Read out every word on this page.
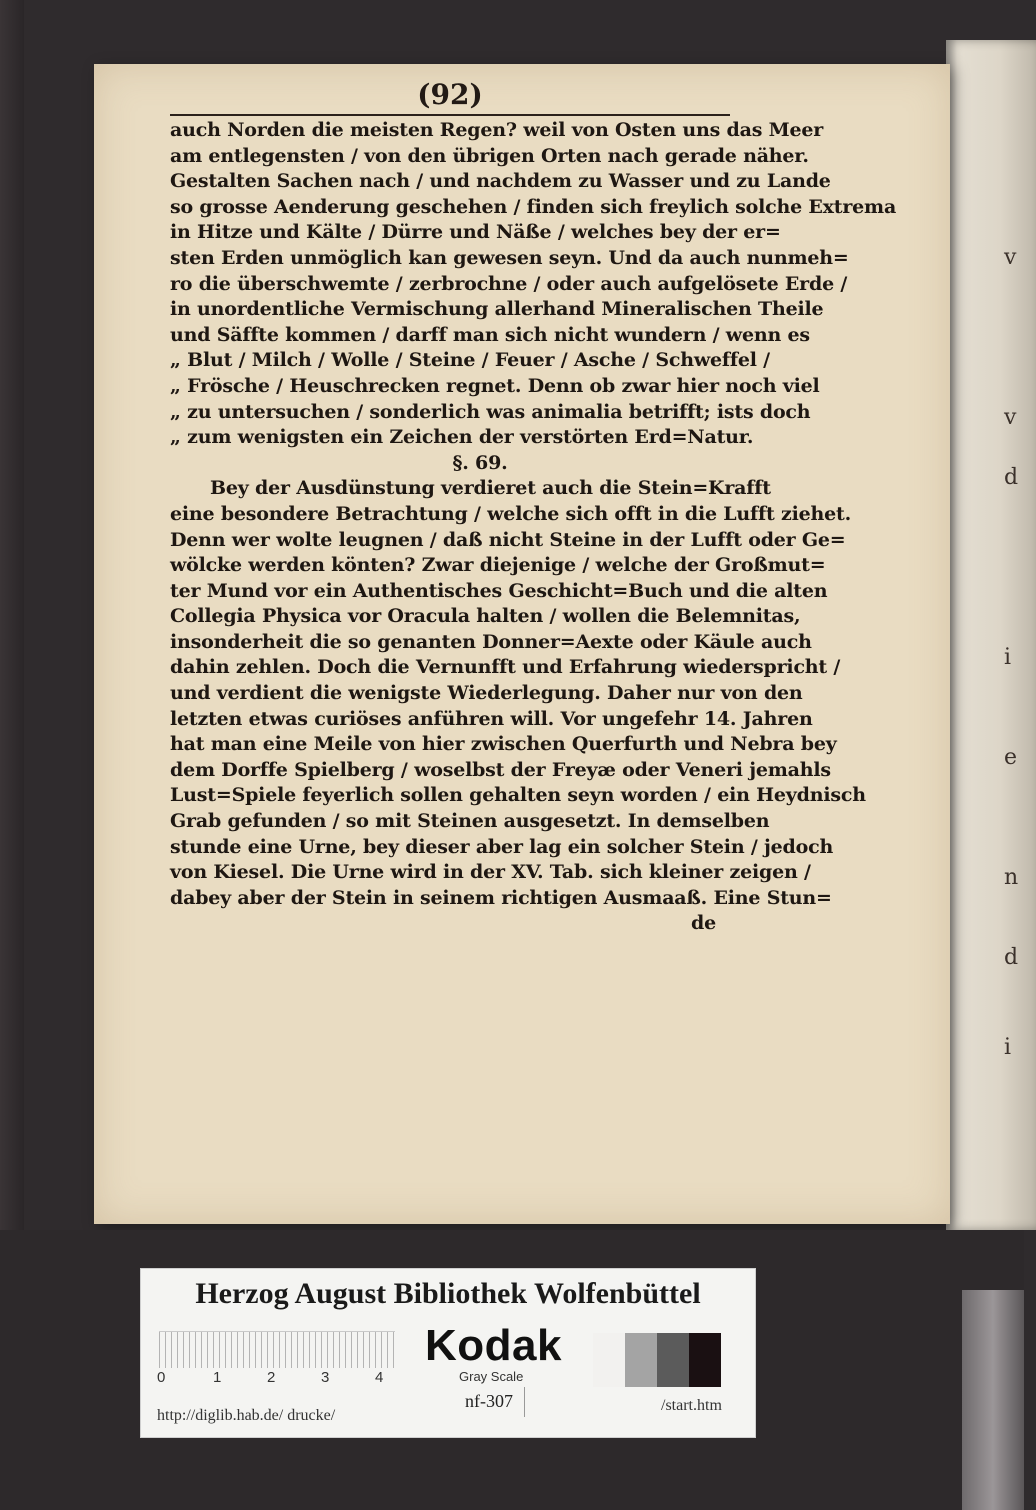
v
v
d
i
e
n
d
i
(92)
auch Norden die meisten Regen? weil von Osten uns das Meer
am entlegensten / von den übrigen Orten nach gerade näher.
Gestalten Sachen nach / und nachdem zu Wasser und zu Lande
so grosse Aenderung geschehen / finden sich freylich solche Extrema
in Hitze und Kälte / Dürre und Näße / welches bey der er=
sten Erden unmöglich kan gewesen seyn. Und da auch nunmeh=
ro die überschwemte / zerbrochne / oder auch aufgelösete Erde /
in unordentliche Vermischung allerhand Mineralischen Theile
und Säffte kommen / darff man sich nicht wundern / wenn es
„ Blut / Milch / Wolle / Steine / Feuer / Asche / Schweffel /
„ Frösche / Heuschrecken regnet. Denn ob zwar hier noch viel
„ zu untersuchen / sonderlich was animalia betrifft; ists doch
„ zum wenigsten ein Zeichen der verstörten Erd=Natur.
§. 69.
Bey der Ausdünstung verdieret auch die Stein=Krafft
eine besondere Betrachtung / welche sich offt in die Lufft ziehet.
Denn wer wolte leugnen / daß nicht Steine in der Lufft oder Ge=
wölcke werden könten? Zwar diejenige / welche der Großmut=
ter Mund vor ein Authentisches Geschicht=Buch und die alten
Collegia Physica vor Oracula halten / wollen die Belemnitas,
insonderheit die so genanten Donner=Aexte oder Käule auch
dahin zehlen. Doch die Vernunfft und Erfahrung wiederspricht /
und verdient die wenigste Wiederlegung. Daher nur von den
letzten etwas curiöses anführen will. Vor ungefehr 14. Jahren
hat man eine Meile von hier zwischen Querfurth und Nebra bey
dem Dorffe Spielberg / woselbst der Freyæ oder Veneri jemahls
Lust=Spiele feyerlich sollen gehalten seyn worden / ein Heydnisch
Grab gefunden / so mit Steinen ausgesetzt. In demselben
stunde eine Urne, bey dieser aber lag ein solcher Stein / jedoch
von Kiesel. Die Urne wird in der XV. Tab. sich kleiner zeigen /
dabey aber der Stein in seinem richtigen Ausmaaß. Eine Stun=
de
Herzog August Bibliothek Wolfenbüttel
0	1	2	3	4
Kodak
Gray Scale
nf-307
http://diglib.hab.de/ drucke/
/start.htm
